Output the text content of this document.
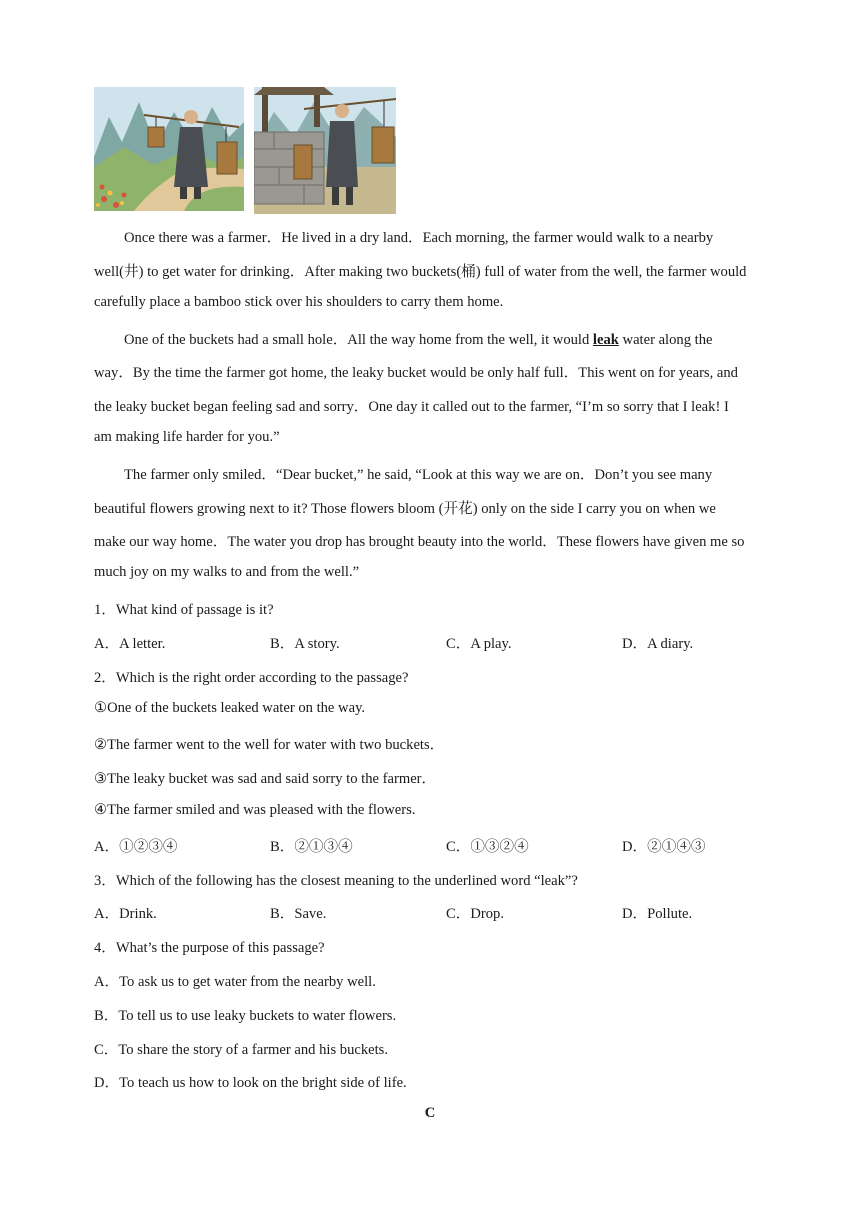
Once there was a farmer．He lived in a dry land．Each morning, the farmer would walk to a nearby
well(井) to get water for drinking．After making two buckets(桶) full of water from the well, the farmer would
carefully place a bamboo stick over his shoulders to carry them home.
One of the buckets had a small hole．All the way home from the well, it would leak water along the
way．By the time the farmer got home, the leaky bucket would be only half full．This went on for years, and
the leaky bucket began feeling sad and sorry．One day it called out to the farmer, “I’m so sorry that I leak! I
am making life harder for you.”
The farmer only smiled．“Dear bucket,” he said, “Look at this way we are on．Don’t you see many
beautiful flowers growing next to it? Those flowers bloom (开花) only on the side I carry you on when we
make our way home．The water you drop has brought beauty into the world．These flowers have given me so
much joy on my walks to and from the well.”
1．What kind of passage is it?
A．A letter.	B．A story.	C．A play.	D．A diary.
2．Which is the right order according to the passage?
①One of the buckets leaked water on the way.
②The farmer went to the well for water with two buckets．
③The leaky bucket was sad and said sorry to the farmer．
④The farmer smiled and was pleased with the flowers.
A．①②③④	B．②①③④	C．①③②④	D．②①④③
3．Which of the following has the closest meaning to the underlined word “leak”?
A．Drink.	B．Save.	C．Drop.	D．Pollute.
4．What’s the purpose of this passage?
A．To ask us to get water from the nearby well.
B．To tell us to use leaky buckets to water flowers.
C．To share the story of a farmer and his buckets.
D．To teach us how to look on the bright side of life.
C
